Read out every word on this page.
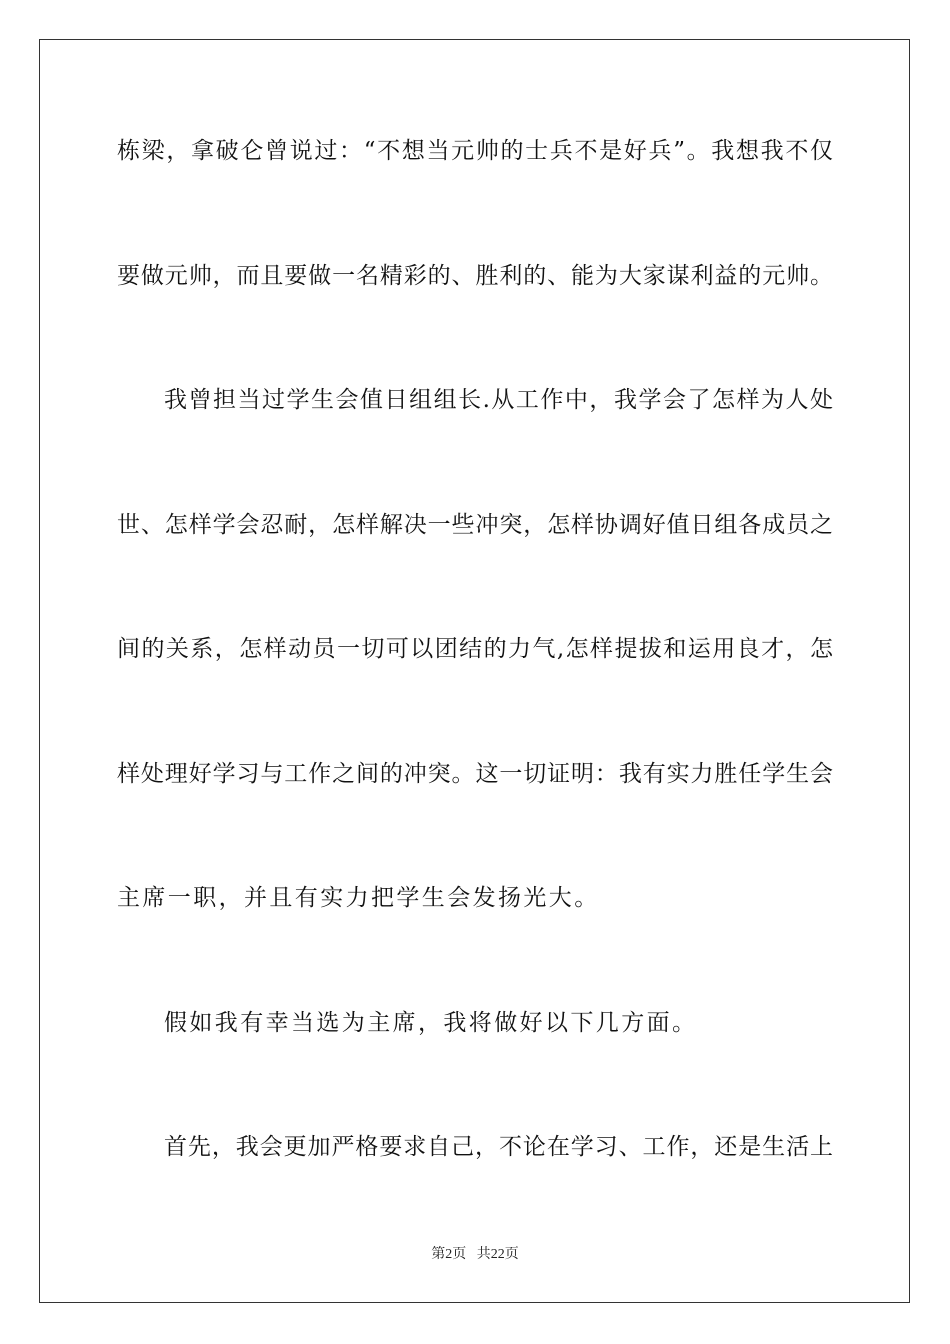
栋梁，拿破仑曾说过：“不想当元帅的士兵不是好兵”。我想我不仅
要做元帅，而且要做一名精彩的、胜利的、能为大家谋利益的元帅。
我曾担当过学生会值日组组长.从工作中，我学会了怎样为人处
世、怎样学会忍耐，怎样解决一些冲突，怎样协调好值日组各成员之
间的关系，怎样动员一切可以团结的力气,怎样提拔和运用良才，怎
样处理好学习与工作之间的冲突。这一切证明：我有实力胜任学生会
主席一职，并且有实力把学生会发扬光大。
假如我有幸当选为主席，我将做好以下几方面。
首先，我会更加严格要求自己，不论在学习、工作，还是生活上
第2页 共22页
